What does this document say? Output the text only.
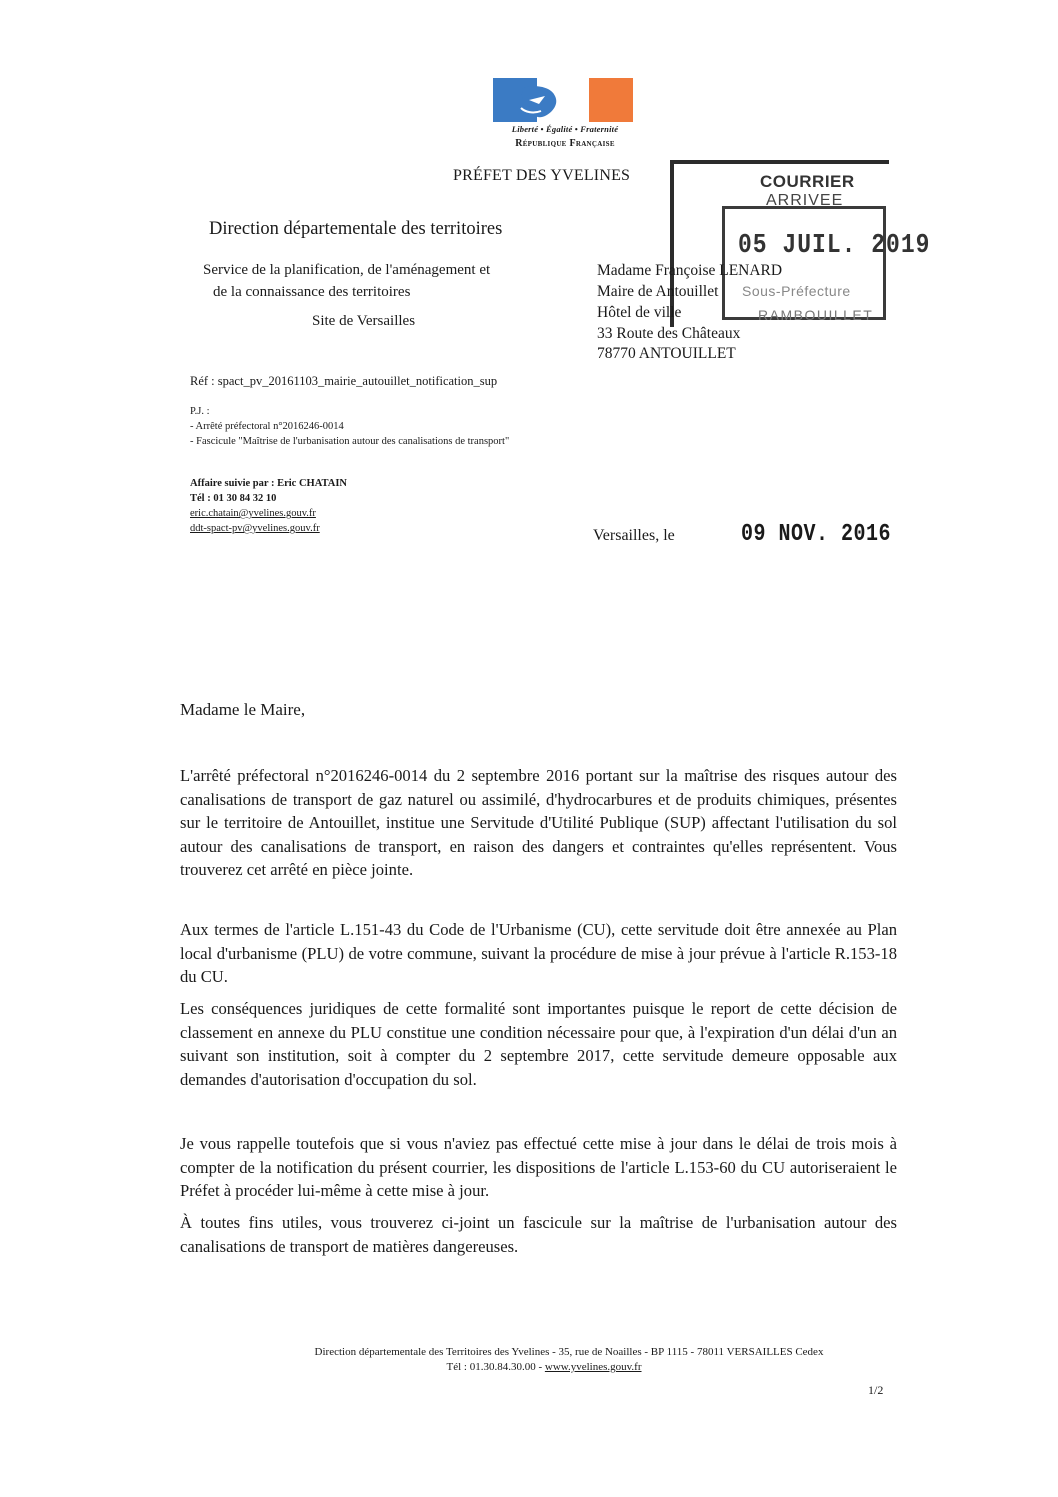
Liberté • Égalité • Fraternité
République Française
PRÉFET DES YVELINES	COURRIER
ARRIVEE
05 JUIL. 2019
Sous-Préfecture
RAMBOUILLET
Direction départementale des territoires
Service de la planification, de l'aménagement et
de la connaissance des territoires
Site de Versailles
Madame Françoise LENARD
Maire de Antouillet
Hôtel de ville
33 Route des Châteaux
78770 ANTOUILLET
Réf : spact_pv_20161103_mairie_autouillet_notification_sup
P.J. :
- Arrêté préfectoral n°2016246-0014
- Fascicule "Maîtrise de l'urbanisation autour des canalisations de transport"
Affaire suivie par : Eric CHATAIN
Tél : 01 30 84 32 10
eric.chatain@yvelines.gouv.fr
ddt-spact-pv@yvelines.gouv.fr	Versailles, le	09 NOV. 2016
Madame le Maire,

L'arrêté préfectoral n°2016246-0014 du 2 septembre 2016 portant sur la maîtrise des risques autour des canalisations de transport de gaz naturel ou assimilé, d'hydrocarbures et de produits chimiques, présentes sur le territoire de Antouillet, institue une Servitude d'Utilité Publique (SUP) affectant l'utilisation du sol autour des canalisations de transport, en raison des dangers et contraintes qu'elles représentent. Vous trouverez cet arrêté en pièce jointe.

Aux termes de l'article L.151-43 du Code de l'Urbanisme (CU), cette servitude doit être annexée au Plan local d'urbanisme (PLU) de votre commune, suivant la procédure de mise à jour prévue à l'article R.153-18 du CU.

Les conséquences juridiques de cette formalité sont importantes puisque le report de cette décision de classement en annexe du PLU constitue une condition nécessaire pour que, à l'expiration d'un délai d'un an suivant son institution, soit à compter du 2 septembre 2017, cette servitude demeure opposable aux demandes d'autorisation d'occupation du sol.

Je vous rappelle toutefois que si vous n'aviez pas effectué cette mise à jour dans le délai de trois mois à compter de la notification du présent courrier, les dispositions de l'article L.153-60 du CU autoriseraient le Préfet à procéder lui-même à cette mise à jour.

À toutes fins utiles, vous trouverez ci-joint un fascicule sur la maîtrise de l'urbanisation autour des canalisations de transport de matières dangereuses.

Direction départementale des Territoires des Yvelines - 35, rue de Noailles - BP 1115 - 78011 VERSAILLES Cedex
Tél : 01.30.84.30.00 - www.yvelines.gouv.fr
1/2
